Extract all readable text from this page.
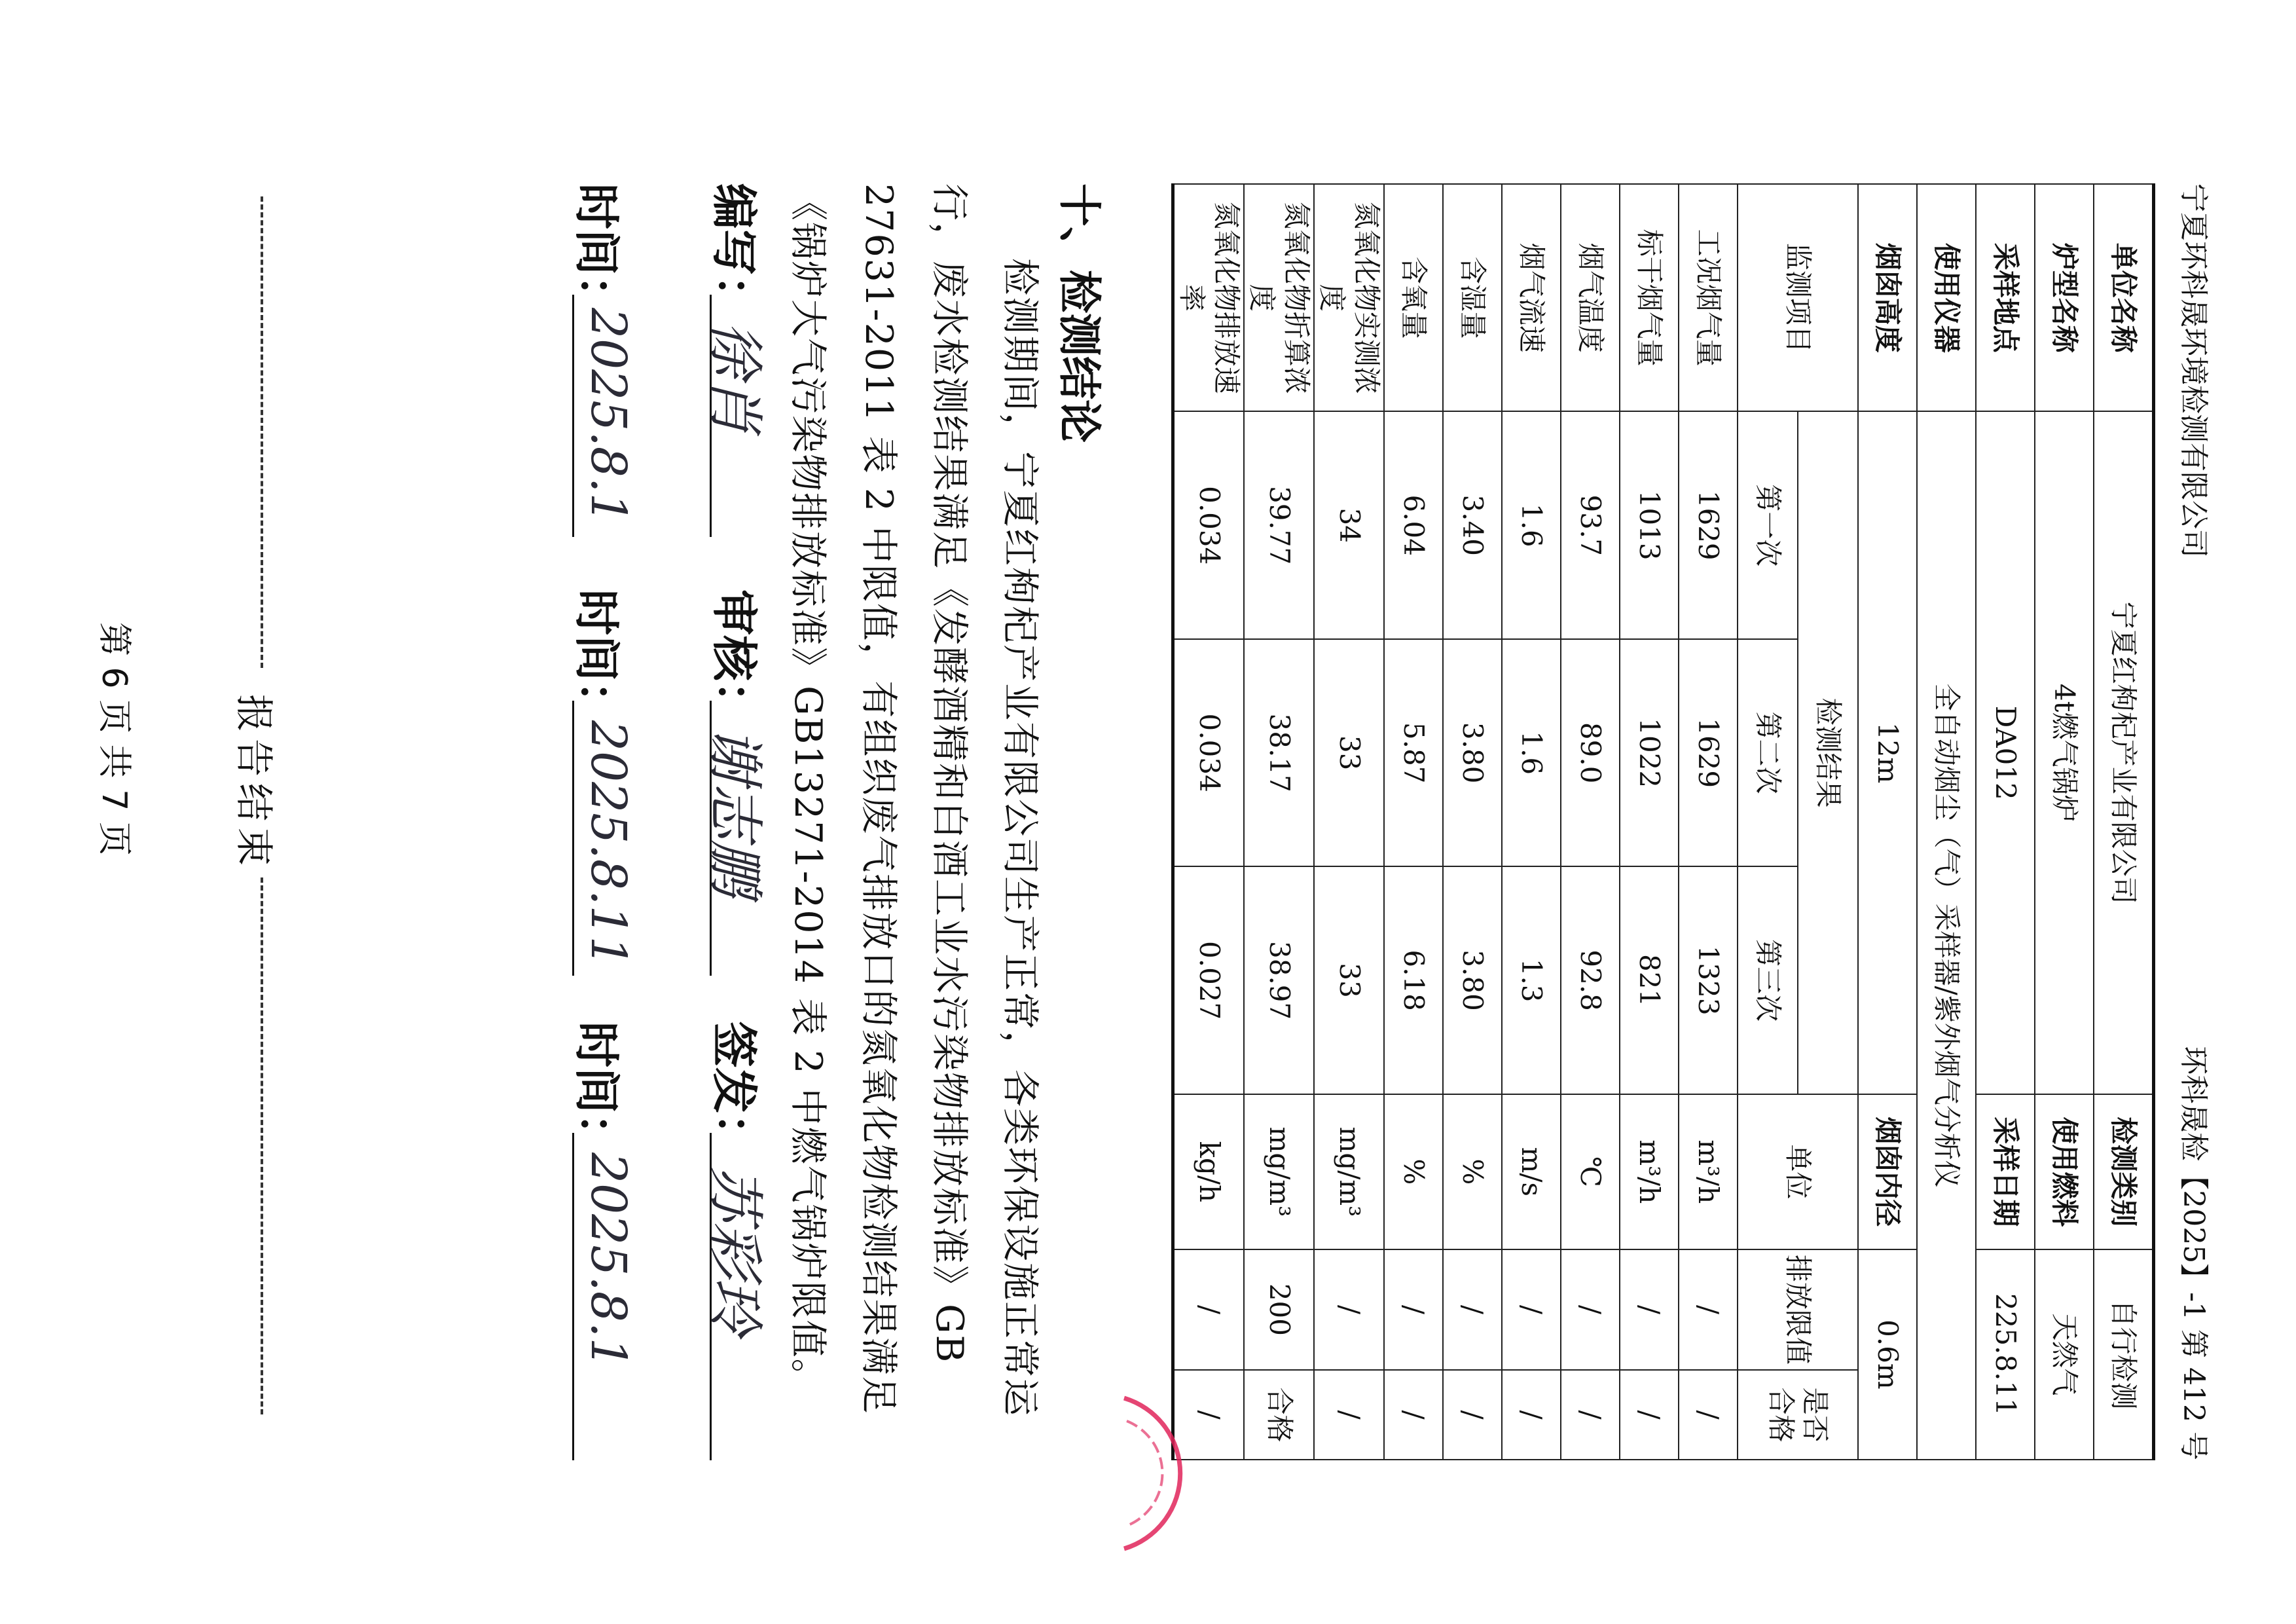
宁夏环科晟环境检测有限公司
环科晟检【2025】-1 第 412 号
单位名称	宁夏红枸杞产业有限公司			检测类别	自行检测	
炉型名称	4t燃气锅炉			使用燃料	天然气	
采样地点	DA012			采样日期	225.8.11	
使用仪器	全自动烟尘（气）采样器/紫外烟气分析仪					
烟囱高度	12m			烟囱内径	0.6m	
监测项目	检测结果			单位	排放限值	是否合格
	第一次	第二次	第三次			
工况烟气量	1629	1629	1323	m³/h	/	/
标干烟气量	1013	1022	821	m³/h	/	/
烟气温度	93.7	89.0	92.8	℃	/	/
烟气流速	1.6	1.6	1.3	m/s	/	/
含湿量	3.40	3.80	3.80	%	/	/
含氧量	6.04	5.87	6.18	%	/	/
氮氧化物实测浓度	34	33	33	mg/m³	/	/
氮氧化物折算浓度	39.77	38.17	38.97	mg/m³	200	合格
氮氧化物排放速率	0.034	0.034	0.027	kg/h	/	/
十、检测结论
检测期间，宁夏红枸杞产业有限公司生产正常，各类环保设施正常运行，废水检测结果满足《发酵酒精和白酒工业水污染物排放标准》GB 27631-2011 表 2 中限值，有组织废气排放口的氮氧化物检测结果满足《锅炉大气污染物排放标准》GB13271-2014 表 2 中燃气锅炉限值。
编写：
徐肖
审核：
谢志鹏
签发：
苏彩玲
时间：
2025.8.1
时间：
2025.8.11
时间：
2025.8.1
报告结束
第 6 页 共 7 页
